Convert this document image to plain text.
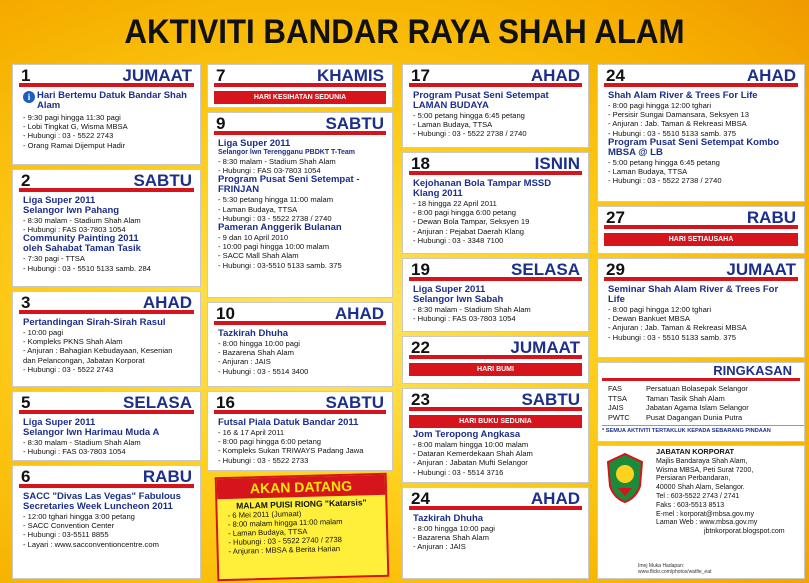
AKTIVITI BANDAR RAYA SHAH ALAM
1	JUMAAT
i Hari Bertemu Datuk Bandar Shah Alam
- 9:30 pagi hingga 11:30 pagi
- Lobi Tingkat G, Wisma MBSA
- Hubungi : 03 - 5522 2743
- Orang Ramai Dijemput Hadir
2	SABTU
Liga Super 2011
Selangor lwn Pahang
- 8:30 malam - Stadium Shah Alam
- Hubungi : FAS 03-7803 1054
Community Painting 2011
oleh Sahabat Taman Tasik
- 7:30 pagi - TTSA
- Hubungi : 03 - 5510 5133 samb. 284
3	AHAD
Pertandingan Sirah-Sirah Rasul
- 10:00 pagi
- Kompleks PKNS Shah Alam
- Anjuran : Bahagian Kebudayaan, Kesenian
dan Pelancongan, Jabatan Korporat
- Hubungi : 03 - 5522 2743
5	SELASA
Liga Super 2011
Selangor lwn Harimau Muda A
- 8:30 malam - Stadium Shah Alam
- Hubungi : FAS 03-7803 1054
6	RABU
SACC "Divas Las Vegas" Fabulous Secretaries Week Luncheon 2011
- 12:00 tghari hingga 3:00 petang
- SACC Convention Center
- Hubungi : 03-5511 8855
- Layari : www.sacconventioncentre.com
7	KHAMIS
HARI KESIHATAN SEDUNIA
9	SABTU
Liga Super 2011
Selangor lwn Terengganu PBDKT T-Team
- 8:30 malam - Stadium Shah Alam
- Hubungi : FAS 03-7803 1054
Program Pusat Seni Setempat - FRINJAN
- 5:30 petang hingga 11:00 malam
- Laman Budaya, TTSA
- Hubungi : 03 - 5522 2738 / 2740
Pameran Anggerik Bulanan
- 9 dan 10 April 2010
- 10:00 pagi hingga 10:00 malam
- SACC Mall Shah Alam
- Hubungi : 03-5510 5133 samb. 375
10	AHAD
Tazkirah Dhuha
- 8:00 hingga 10:00 pagi
- Bazarena Shah Alam
- Anjuran : JAIS
- Hubungi : 03 - 5514 3400
16	SABTU
Futsal Piala Datuk Bandar 2011
- 16 & 17 April 2011
- 8:00 pagi hingga 6:00 petang
- Kompleks Sukan TRIWAYS Padang Jawa
- Hubungi : 03 - 5522 2733
AKAN DATANG
MALAM PUISI RIONG "Katarsis"
- 6 Mei 2011 (Jumaat)
- 8:00 malam hingga 11:00 malam
- Laman Budaya, TTSA
- Hubungi : 03 - 5522 2740 / 2738
- Anjuran : MBSA & Berita Harian
17	AHAD
Program Pusat Seni Setempat LAMAN BUDAYA
- 5:00 petang hingga 6:45 petang
- Laman Budaya, TTSA
- Hubungi : 03 - 5522 2738 / 2740
18	ISNIN
Kejohanan Bola Tampar MSSD Klang 2011
- 18 hingga 22 April 2011
- 8:00 pagi hingga 6:00 petang
- Dewan Bola Tampar, Seksyen 19
- Anjuran : Pejabat Daerah Klang
- Hubungi : 03 - 3348 7100
19	SELASA
Liga Super 2011
Selangor lwn Sabah
- 8:30 malam - Stadium Shah Alam
- Hubungi : FAS 03-7803 1054
22	JUMAAT
HARI BUMI
23	SABTU
HARI BUKU SEDUNIA
Jom Teropong Angkasa
- 8:00 malam hingga 10:00 malam
- Dataran Kemerdekaan Shah Alam
- Anjuran : Jabatan Mufti Selangor
- Hubungi : 03 - 5514 3716
24	AHAD
Tazkirah Dhuha
- 8:00 hingga 10:00 pagi
- Bazarena Shah Alam
- Anjuran : JAIS
24	AHAD
Shah Alam River & Trees For Life
- 8:00 pagi hingga 12:00 tghari
- Persisir Sungai Damansara, Seksyen 13
- Anjuran : Jab. Taman & Rekreasi MBSA
- Hubungi : 03 - 5510 5133 samb. 375
Program Pusat Seni Setempat Kombo MBSA @ LB
- 5:00 petang hingga 6:45 petang
- Laman Budaya, TTSA
- Hubungi : 03 - 5522 2738 / 2740
27	RABU
HARI SETIAUSAHA
29	JUMAAT
Seminar Shah Alam River & Trees For Life
- 8:00 pagi hingga 12:00 tghari
- Dewan Bankuet MBSA
- Anjuran : Jab. Taman & Rekreasi MBSA
- Hubungi : 03 - 5510 5133 samb. 375
RINGKASAN
FAS	Persatuan Bolasepak Selangor
TTSA	Taman Tasik Shah Alam
JAIS	Jabatan Agama Islam Selangor
PWTC	Pusat Dagangan Dunia Putra
* SEMUA AKTIVITI TERTAKLUK KEPADA SEBARANG PINDAAN
JABATAN KORPORAT
Majlis Bandaraya Shah Alam,
Wisma MBSA, Peti Surat 7200,
Persiaran Perbandaran,
40000 Shah Alam, Selangor.
Tel : 603-5522 2743 / 2741
Faks : 603-5513 8513
E-mel : korporat@mbsa.gov.my
Laman Web : www.mbsa.gov.my
jbtnkorporat.blogspot.com
Imej Muka Hadapan:
www.flickr.com/photos/watfie_eat
